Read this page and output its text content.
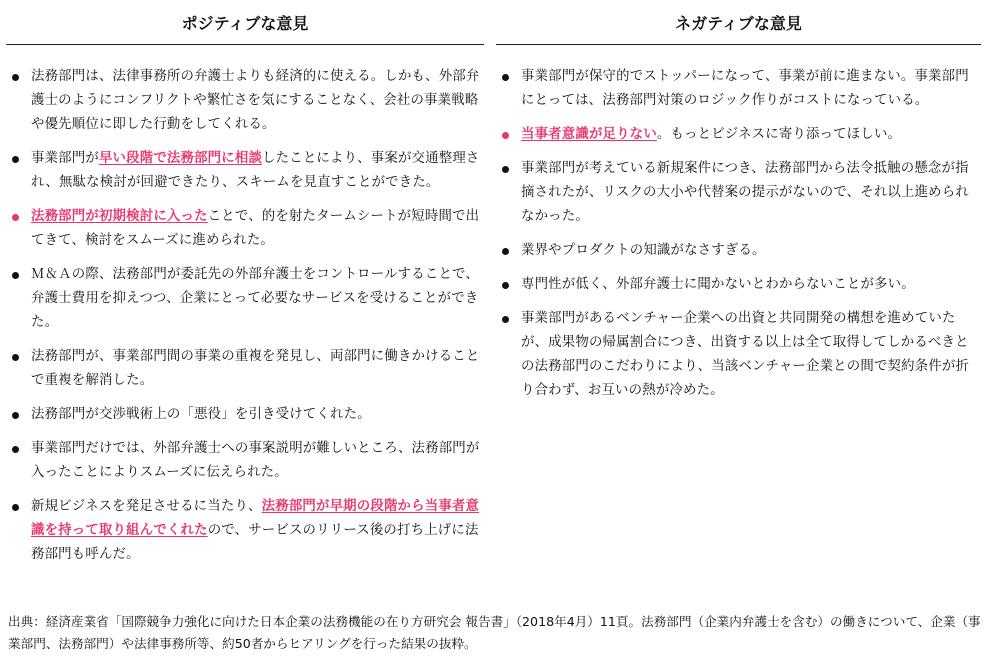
ポジティブな意見
法務部門は、法律事務所の弁護士よりも経済的に使える。しかも、外部弁護士のようにコンフリクトや繁忙さを気にすることなく、会社の事業戦略や優先順位に即した行動をしてくれる。
事業部門が早い段階で法務部門に相談したことにより、事案が交通整理され、無駄な検討が回避できたり、スキームを見直すことができた。
法務部門が初期検討に入ったことで、的を射たタームシートが短時間で出てきて、検討をスムーズに進められた。
Ｍ＆Ａの際、法務部門が委託先の外部弁護士をコントロールすることで、弁護士費用を抑えつつ、企業にとって必要なサービスを受けることができた。
法務部門が、事業部門間の事業の重複を発見し、両部門に働きかけることで重複を解消した。
法務部門が交渉戦術上の「悪役」を引き受けてくれた。
事業部門だけでは、外部弁護士への事案説明が難しいところ、法務部門が入ったことによりスムーズに伝えられた。
新規ビジネスを発足させるに当たり、法務部門が早期の段階から当事者意識を持って取り組んでくれたので、サービスのリリース後の打ち上げに法務部門も呼んだ。
ネガティブな意見
事業部門が保守的でストッパーになって、事業が前に進まない。事業部門にとっては、法務部門対策のロジック作りがコストになっている。
当事者意識が足りない。もっとビジネスに寄り添ってほしい。
事業部門が考えている新規案件につき、法務部門から法令抵触の懸念が指摘されたが、リスクの大小や代替案の提示がないので、それ以上進められなかった。
業界やプロダクトの知識がなさすぎる。
専門性が低く、外部弁護士に聞かないとわからないことが多い。
事業部門があるベンチャー企業への出資と共同開発の構想を進めていたが、成果物の帰属割合につき、出資する以上は全て取得してしかるべきとの法務部門のこだわりにより、当該ベンチャー企業との間で契約条件が折り合わず、お互いの熱が冷めた。
出典：経済産業省「国際競争力強化に向けた日本企業の法務機能の在り方研究会 報告書」（2018年4月）11頁。法務部門（企業内弁護士を含む）の働きについて、企業（事業部門、法務部門）や法律事務所等、約50者からヒアリングを行った結果の抜粋。
